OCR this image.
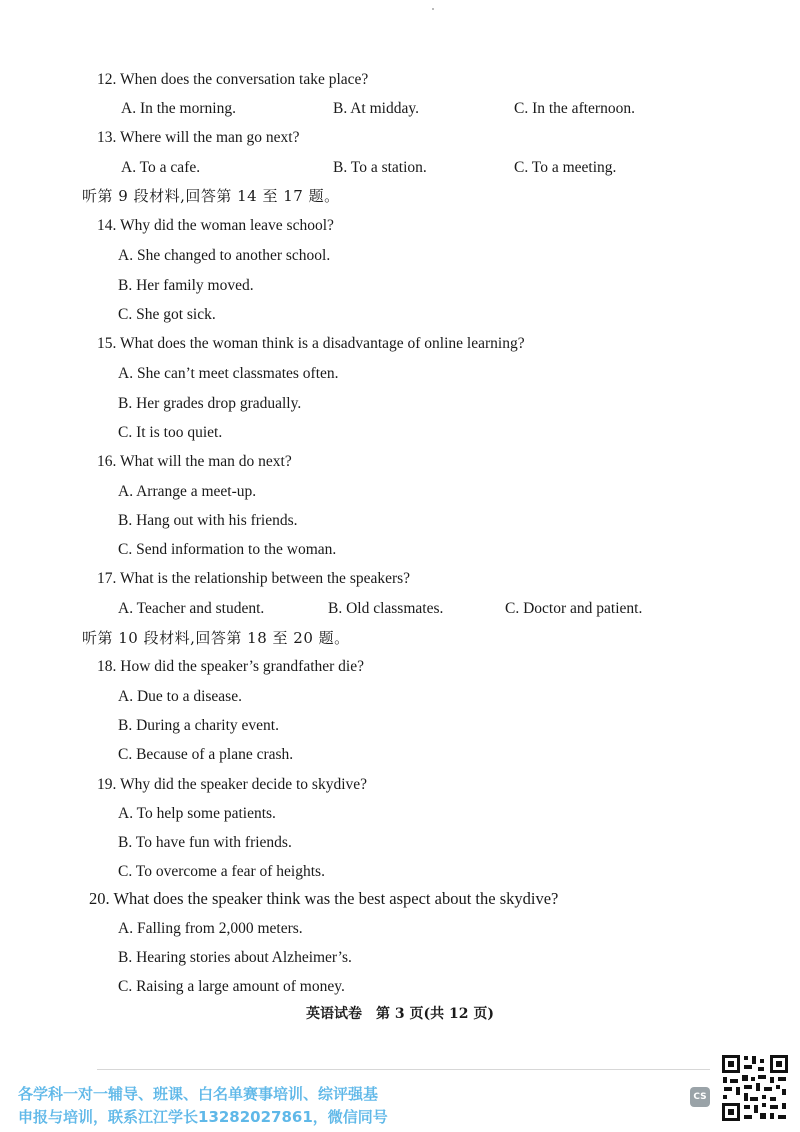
12. When does the conversation take place?
A. In the morning.	B. At midday.	C. In the afternoon.
13. Where will the man go next?
A. To a cafe.	B. To a station.	C. To a meeting.
听第 9 段材料,回答第 14 至 17 题。
14. Why did the woman leave school?
A. She changed to another school.
B. Her family moved.
C. She got sick.
15. What does the woman think is a disadvantage of online learning?
A. She can’t meet classmates often.
B. Her grades drop gradually.
C. It is too quiet.
16. What will the man do next?
A. Arrange a meet-up.
B. Hang out with his friends.
C. Send information to the woman.
17. What is the relationship between the speakers?
A. Teacher and student.	B. Old classmates.	C. Doctor and patient.
听第 10 段材料,回答第 18 至 20 题。
18. How did the speaker’s grandfather die?
A. Due to a disease.
B. During a charity event.
C. Because of a plane crash.
19. Why did the speaker decide to skydive?
A. To help some patients.
B. To have fun with friends.
C. To overcome a fear of heights.
20. What does the speaker think was the best aspect about the skydive?
A. Falling from 2,000 meters.
B. Hearing stories about Alzheimer’s.
C. Raising a large amount of money.
英语试卷　第 3 页(共 12 页)
各学科一对一辅导、班课、白名单赛事培训、综评强基
申报与培训，联系江江学长13282027861，微信同号
CS
